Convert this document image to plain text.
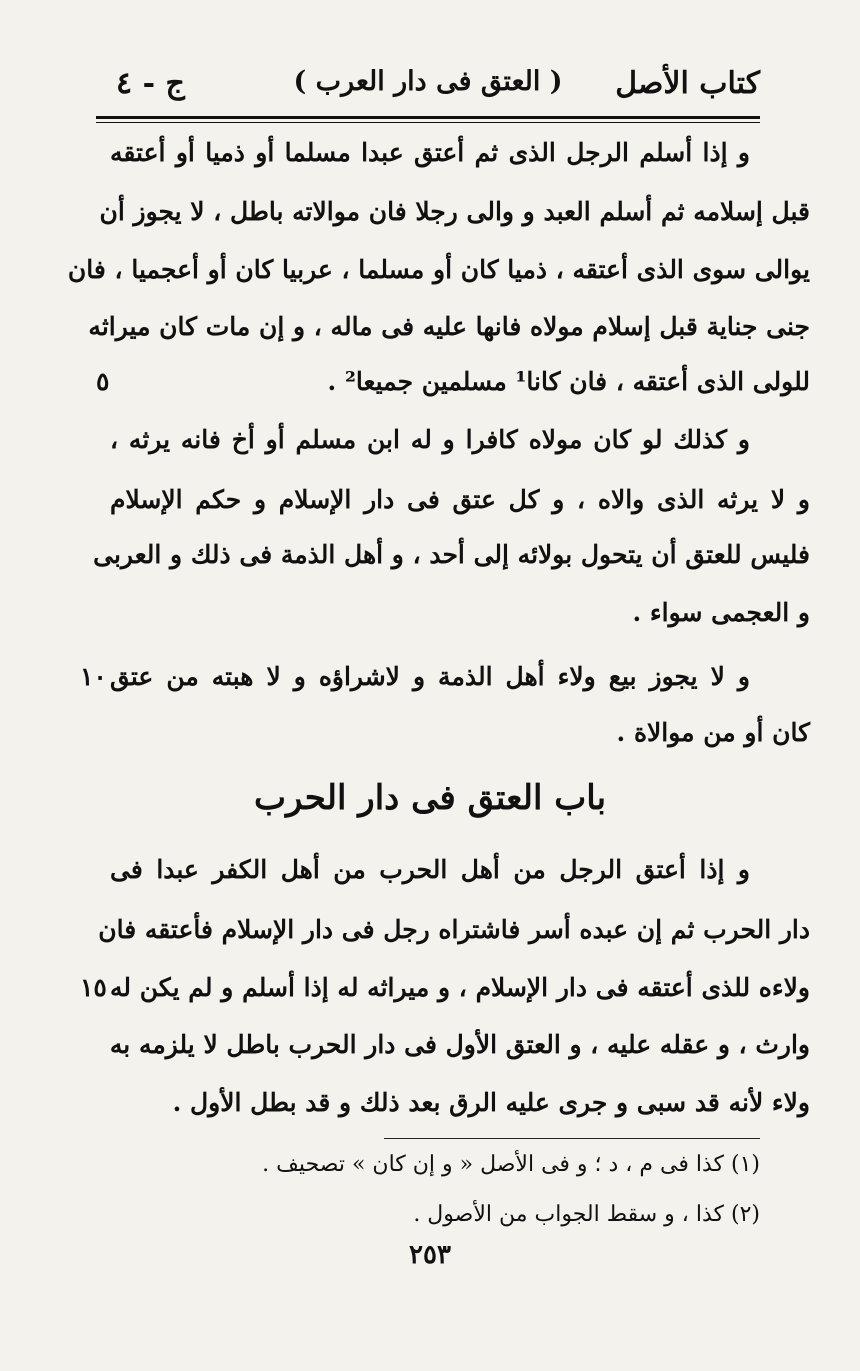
كتاب الأصل
( العتق فى دار العرب )
ج - ٤
و إذا أسلم الرجل الذى ثم أعتق عبدا مسلما أو ذميا أو أعتقه
قبل إسلامه ثم أسلم العبد و والى رجلا فان موالاته باطل ، لا يجوز أن
يوالى سوى الذى أعتقه ، ذميا كان أو مسلما ، عربيا كان أو أعجميا ، فان
جنى جناية قبل إسلام مولاه فانها عليه فى ماله ، و إن مات كان ميراثه
للولى الذى أعتقه ، فان كانا¹ مسلمين جميعا² .
٥
و كذلك لو كان مولاه كافرا و له ابن مسلم أو أخ فانه يرثه ،
و لا يرثه الذى والاه ، و كل عتق فى دار الإسلام و حكم الإسلام
فليس للعتق أن يتحول بولائه إلى أحد ، و أهل الذمة فى ذلك و العربى
و العجمى سواء .
و لا يجوز بيع ولاء أهل الذمة و لاشراؤه و لا هبته من عتق
١٠
كان أو من موالاة .
باب العتق فى دار الحرب
و إذا أعتق الرجل من أهل الحرب من أهل الكفر عبدا فى
دار الحرب ثم إن عبده أسر فاشتراه رجل فى دار الإسلام فأعتقه فان
ولاءه للذى أعتقه فى دار الإسلام ، و ميراثه له إذا أسلم و لم يكن له
١٥
وارث ، و عقله عليه ، و العتق الأول فى دار الحرب باطل لا يلزمه به
ولاء لأنه قد سبى و جرى عليه الرق بعد ذلك و قد بطل الأول .
(١) كذا فى م ، د ؛ و فى الأصل « و إن كان » تصحيف .
(٢) كذا ، و سقط الجواب من الأصول .
٢٥٣
